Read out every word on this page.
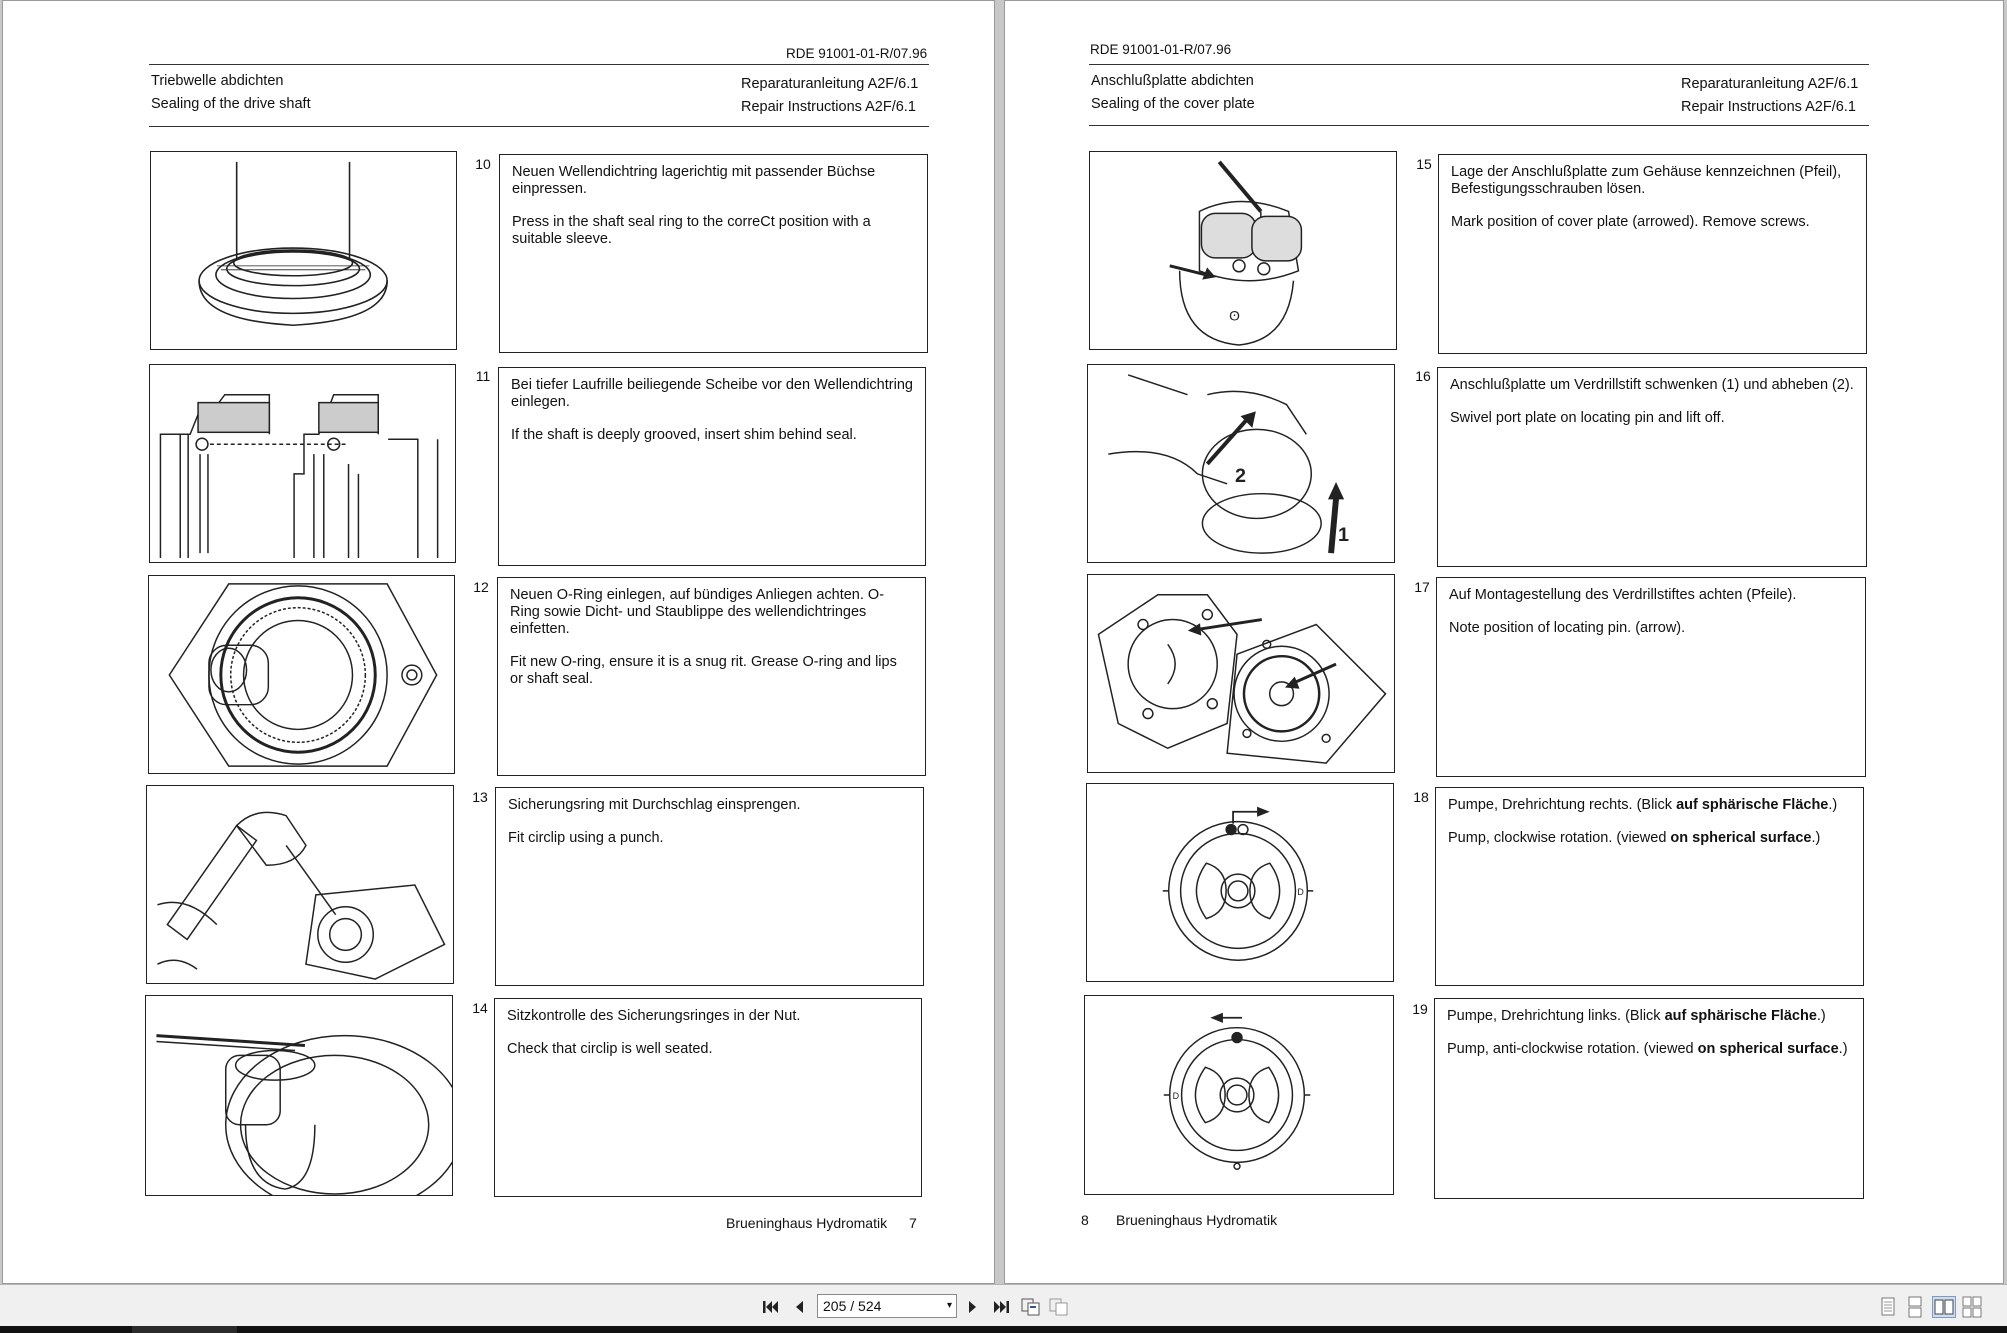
RDE 91001-01-R/07.96
Triebwelle abdichten
Sealing of the drive shaft
Reparaturanleitung A2F/6.1
Repair Instructions A2F/6.1
10	Neuen Wellendichtring lagerichtig mit passender Büchse einpressen.

Press in the shaft seal ring to the correCt position with a suitable sleeve.

11

Bei tiefer Laufrille beiliegende Scheibe vor den Wellendichtring einlegen.

If the shaft is deeply grooved, insert shim behind seal.

12	Neuen O-Ring einlegen, auf bündiges Anliegen achten. O-Ring sowie Dicht- und Staublippe des wellendichtringes einfetten.

Fit new O-ring, ensure it is a snug rit. Grease O-ring and lips or shaft seal.

13	Sicherungsring mit Durchschlag einsprengen.

Fit circlip using a punch.

14	Sitzkontrolle des Sicherungsringes in der Nut.

Check that circlip is well seated.

Brueninghaus Hydromatik 7
RDE 91001-01-R/07.96
Anschlußplatte abdichten
Sealing of the cover plate
Reparaturanleitung A2F/6.1
Repair Instructions A2F/6.1
ʘ
15	Lage der Anschlußplatte zum Gehäuse kennzeichnen (Pfeil), Befestigungsschrauben lösen.

Mark position of cover plate (arrowed). Remove screws.

2
1
16

Anschlußplatte um Verdrillstift schwenken (1) und abheben (2).

Swivel port plate on locating pin and lift off.

17	Auf Montagestellung des Verdrillstiftes achten (Pfeile).

Note position of locating pin. (arrow).

D
18	Pumpe, Drehrichtung rechts. (Blick auf sphärische Fläche.)

Pump, clockwise rotation. (viewed on spherical surface.)

D
19	Pumpe, Drehrichtung links. (Blick auf sphärische Fläche.)

Pump, anti-clockwise rotation. (viewed on spherical surface.)

8 Brueninghaus Hydromatik
205 / 524	▾
